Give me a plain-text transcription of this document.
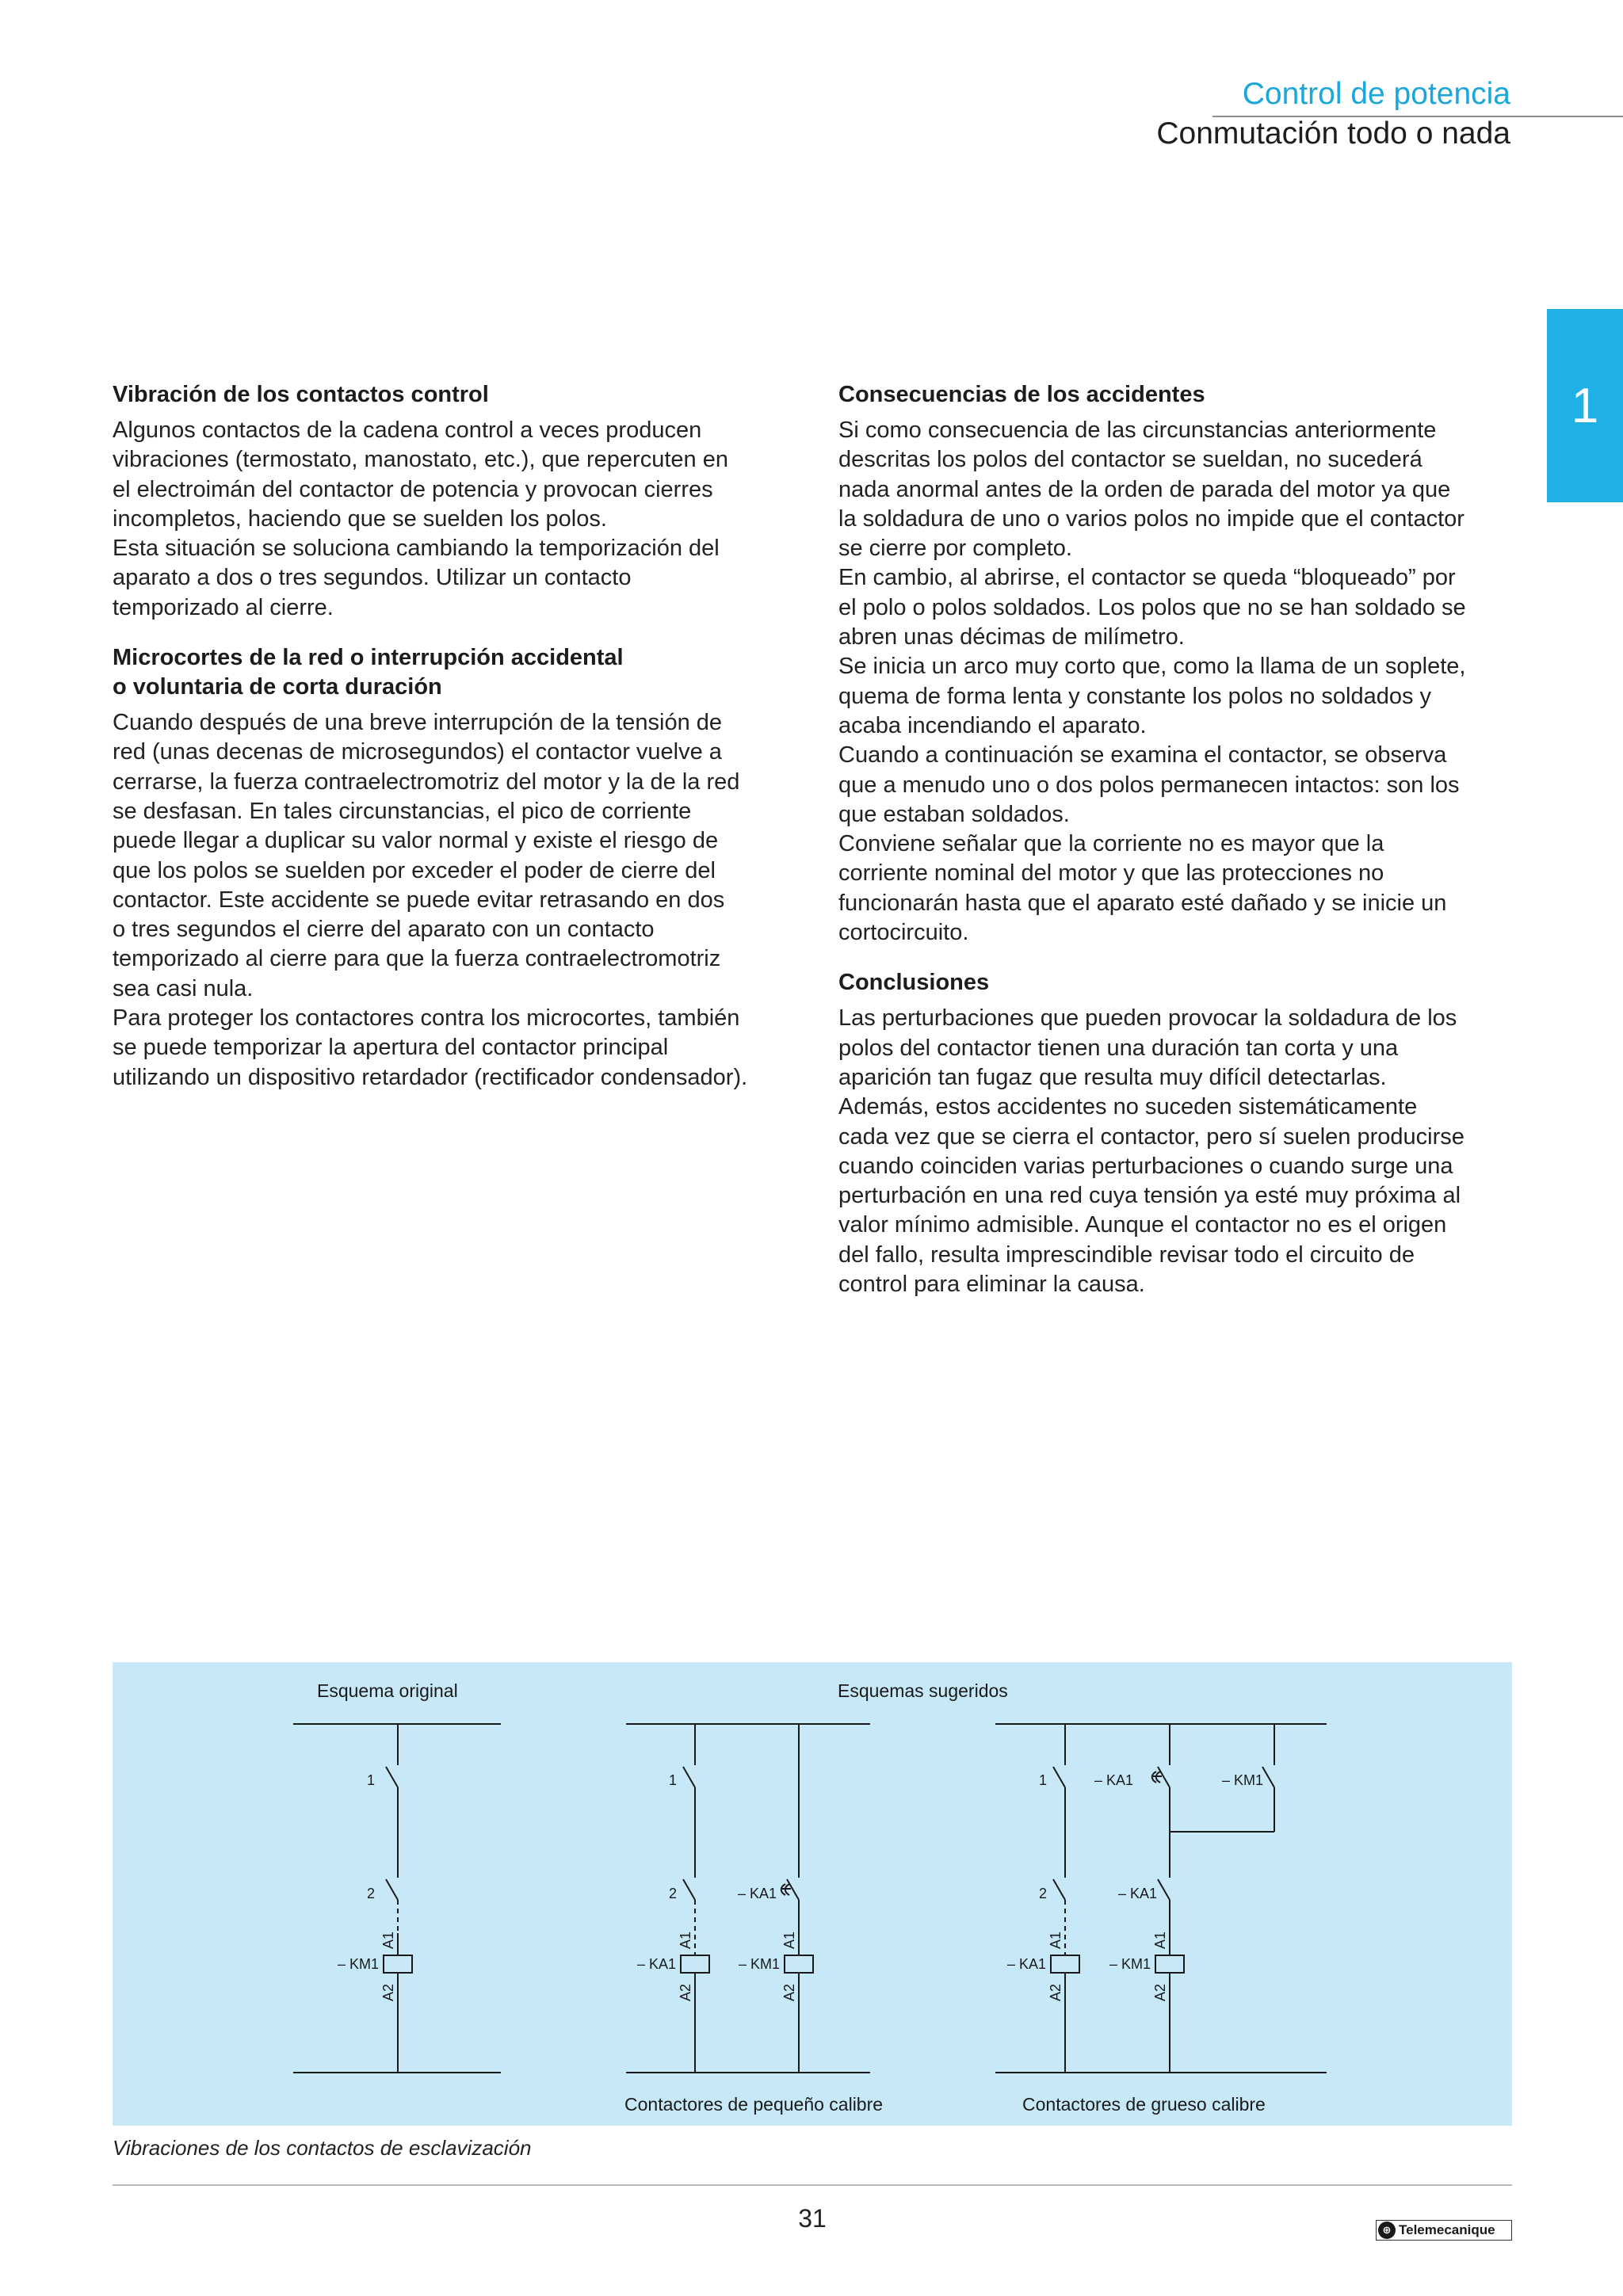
Control de potencia
Conmutación todo o nada
1
Vibración de los contactos control

Algunos contactos de la cadena control a veces producen
vibraciones (termostato, manostato, etc.), que repercuten en
el electroimán del contactor de potencia y provocan cierres
incompletos, haciendo que se suelden los polos.
Esta situación se soluciona cambiando la temporización del
aparato a dos o tres segundos. Utilizar un contacto
temporizado al cierre.

Microcortes de la red o interrupción accidental
o voluntaria de corta duración

Cuando después de una breve interrupción de la tensión de
red (unas decenas de microsegundos) el contactor vuelve a
cerrarse, la fuerza contraelectromotriz del motor y la de la red
se desfasan. En tales circunstancias, el pico de corriente
puede llegar a duplicar su valor normal y existe el riesgo de
que los polos se suelden por exceder el poder de cierre del
contactor. Este accidente se puede evitar retrasando en dos
o tres segundos el cierre del aparato con un contacto
temporizado al cierre para que la fuerza contraelectromotriz
sea casi nula.
Para proteger los contactores contra los microcortes, también
se puede temporizar la apertura del contactor principal
utilizando un dispositivo retardador (rectificador condensador).

Consecuencias de los accidentes

Si como consecuencia de las circunstancias anteriormente
descritas los polos del contactor se sueldan, no sucederá
nada anormal antes de la orden de parada del motor ya que
la soldadura de uno o varios polos no impide que el contactor
se cierre por completo.
En cambio, al abrirse, el contactor se queda “bloqueado” por
el polo o polos soldados. Los polos que no se han soldado se
abren unas décimas de milímetro.
Se inicia un arco muy corto que, como la llama de un soplete,
quema de forma lenta y constante los polos no soldados y
acaba incendiando el aparato.
Cuando a continuación se examina el contactor, se observa
que a menudo uno o dos polos permanecen intactos: son los
que estaban soldados.
Conviene señalar que la corriente no es mayor que la
corriente nominal del motor y que las protecciones no
funcionarán hasta que el aparato esté dañado y se inicie un
cortocircuito.

Conclusiones

Las perturbaciones que pueden provocar la soldadura de los
polos del contactor tienen una duración tan corta y una
aparición tan fugaz que resulta muy difícil detectarlas.
Además, estos accidentes no suceden sistemáticamente
cada vez que se cierra el contactor, pero sí suelen producirse
cuando coinciden varias perturbaciones o cuando surge una
perturbación en una red cuya tensión ya esté muy próxima al
valor mínimo admisible. Aunque el contactor no es el origen
del fallo, resulta imprescindible revisar todo el circuito de
control para eliminar la causa.

Esquema original	Esquemas sugeridos
1
2
– KM1
A1
A2
1
2	– KA1
– KA1	– KM1
A1
A2
A1
A2
Contactores de pequeño calibre
1
2
– KA1	– KM1
– KA1
– KA1	– KM1
A1
A2
A1
A2
Contactores de grueso calibre
Vibraciones de los contactos de esclavización
31	⊕ Telemecanique
